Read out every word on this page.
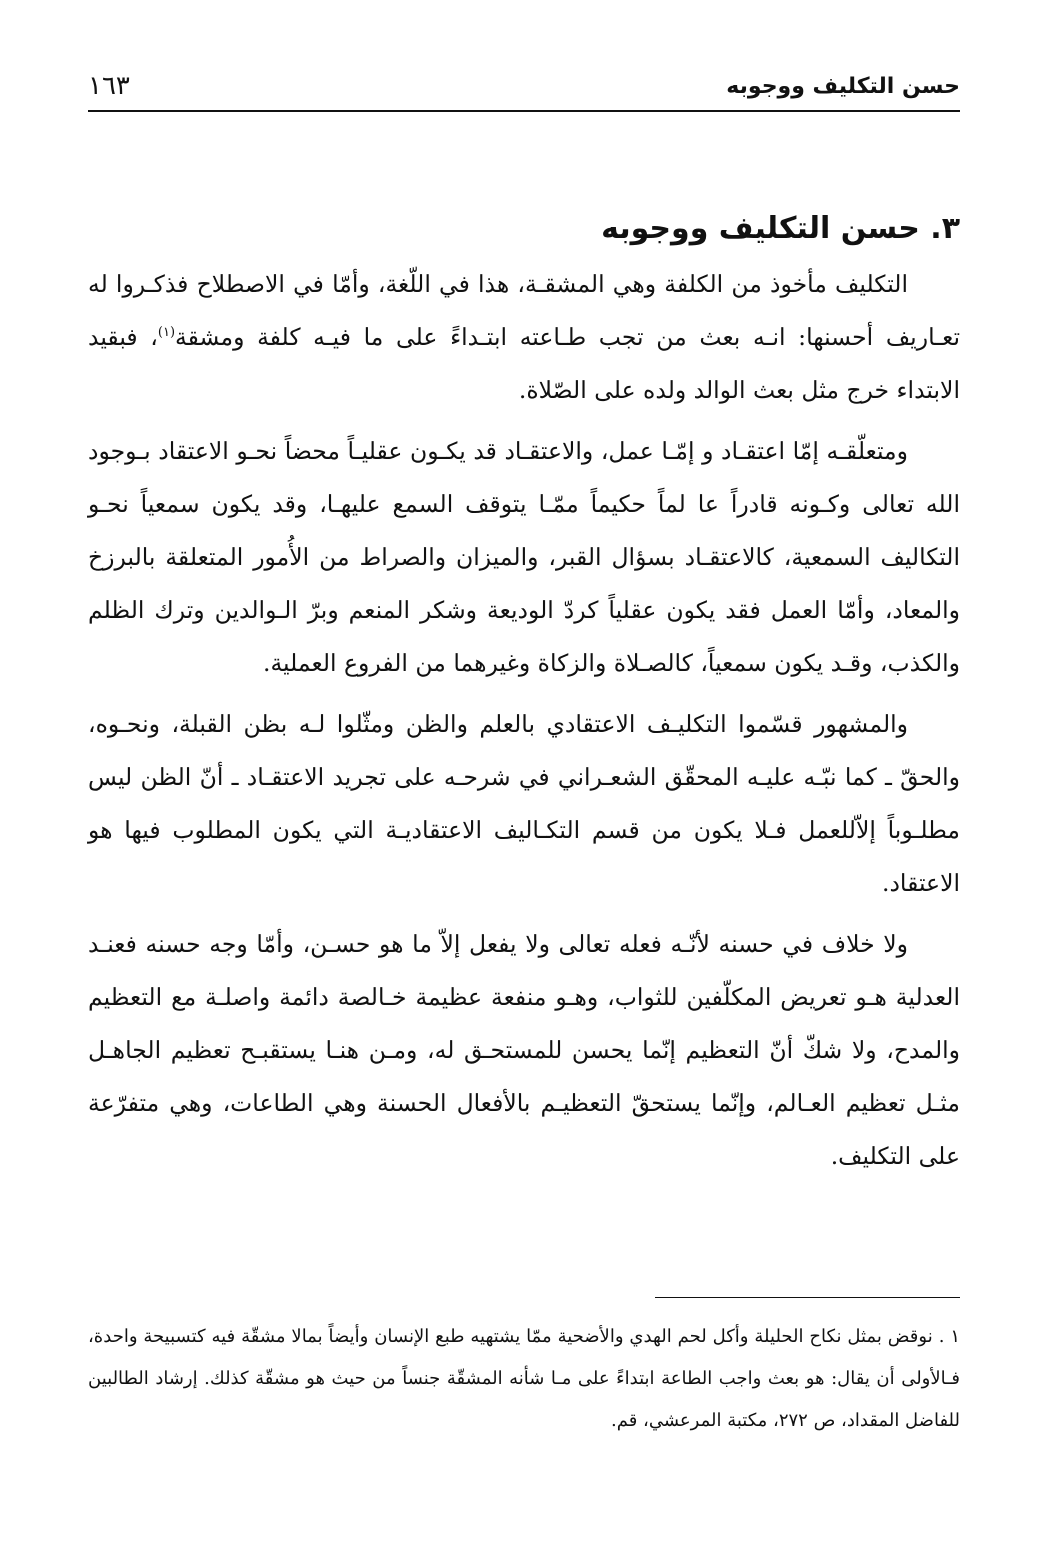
حسن التكليف ووجوبه
١٦٣
٣. حسن التكليف ووجوبه

التكليف مأخوذ من الكلفة وهي المشقـة، هذا في اللّغة، وأمّا في الاصطلاح فذكـروا له تعـاريف أحسنها: انـه بعث من تجب طـاعته ابتـداءً على ما فيـه كلفة ومشقة$^{(١)}$، فبقيد الابتداء خرج مثل بعث الوالد ولده على الصّلاة.

ومتعلّقـه إمّا اعتقـاد و إمّـا عمل، والاعتقـاد قد يكـون عقليـاً محضاً نحـو الاعتقاد بـوجود الله تعالى وكـونه قادراً عا لماً حكيماً ممّـا يتوقف السمع عليهـا، وقد يكون سمعياً نحـو التكاليف السمعية، كالاعتقـاد بسؤال القبر، والميزان والصراط من الأُمور المتعلقة بالبرزخ والمعاد، وأمّا العمل فقد يكون عقلياً كردّ الوديعة وشكر المنعم وبرّ الـوالدين وترك الظلم والكذب، وقـد يكون سمعياً، كالصـلاة والزكاة وغيرهما من الفروع العملية.

والمشهور قسّموا التكليـف الاعتقادي بالعلم والظن ومثّلوا لـه بظن القبلة، ونحـوه، والحقّ ـ كما نبّـه عليـه المحقّق الشعـراني في شرحـه على تجريد الاعتقـاد ـ أنّ الظن ليس مطلـوباً إلاّللعمل فـلا يكون من قسم التكـاليف الاعتقاديـة التي يكون المطلوب فيها هو الاعتقاد.

ولا خلاف في حسنه لأنّـه فعله تعالى ولا يفعل إلاّ ما هو حسـن، وأمّا وجه حسنه فعنـد العدلية هـو تعريض المكلّفين للثواب، وهـو منفعة عظيمة خـالصة دائمة واصلـة مع التعظيم والمدح، ولا شكّ أنّ التعظيم إنّما يحسن للمستحـق له، ومـن هنـا يستقبـح تعظيم الجاهـل مثـل تعظيم العـالم، وإنّما يستحقّ التعظيـم بالأفعال الحسنة وهي الطاعات، وهي متفرّعة على التكليف.

١ .نوقض بمثل نكاح الحليلة وأكل لحم الهدي والأضحية ممّا يشتهيه طبع الإنسان وأيضاً بمالا مشقّة فيه كتسبيحة واحدة، فـالأولى أن يقال: هو بعث واجب الطاعة ابتداءً على مـا شأنه المشقّة جنساً من حيث هو مشقّة كذلك. إرشاد الطالبين للفاضل المقداد، ص ٢٧٢، مكتبة المرعشي، قم.
